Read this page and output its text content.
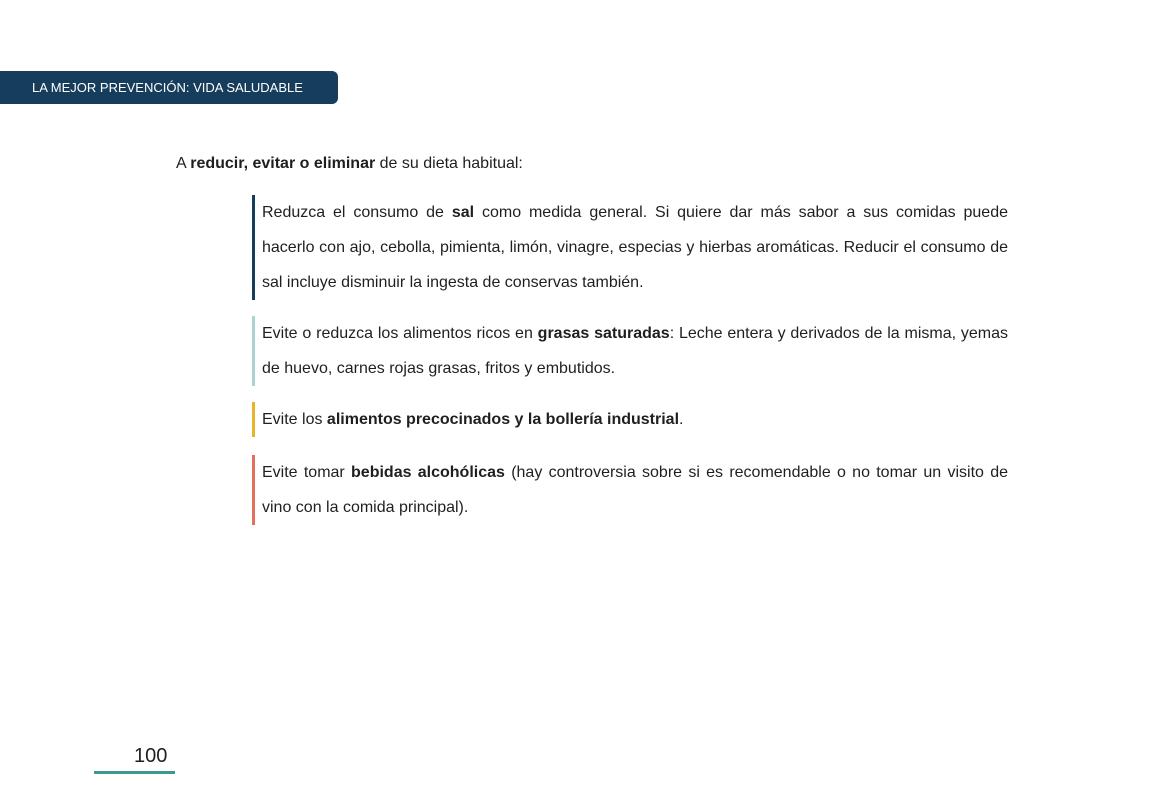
LA MEJOR PREVENCIÓN: VIDA SALUDABLE
A reducir, evitar o eliminar de su dieta habitual:

Reduzca el consumo de sal como medida general. Si quiere dar más sabor a sus comidas puede hacerlo con ajo, cebolla, pimienta, limón, vinagre, especias y hierbas aromáticas. Reducir el consumo de sal incluye disminuir la ingesta de conservas también.

Evite o reduzca los alimentos ricos en grasas saturadas: Leche entera y derivados de la misma, yemas de huevo, carnes rojas grasas, fritos y embutidos.

Evite los alimentos precocinados y la bollería industrial.

Evite tomar bebidas alcohólicas (hay controversia sobre si es recomendable o no tomar un visito de vino con la comida principal).

100
